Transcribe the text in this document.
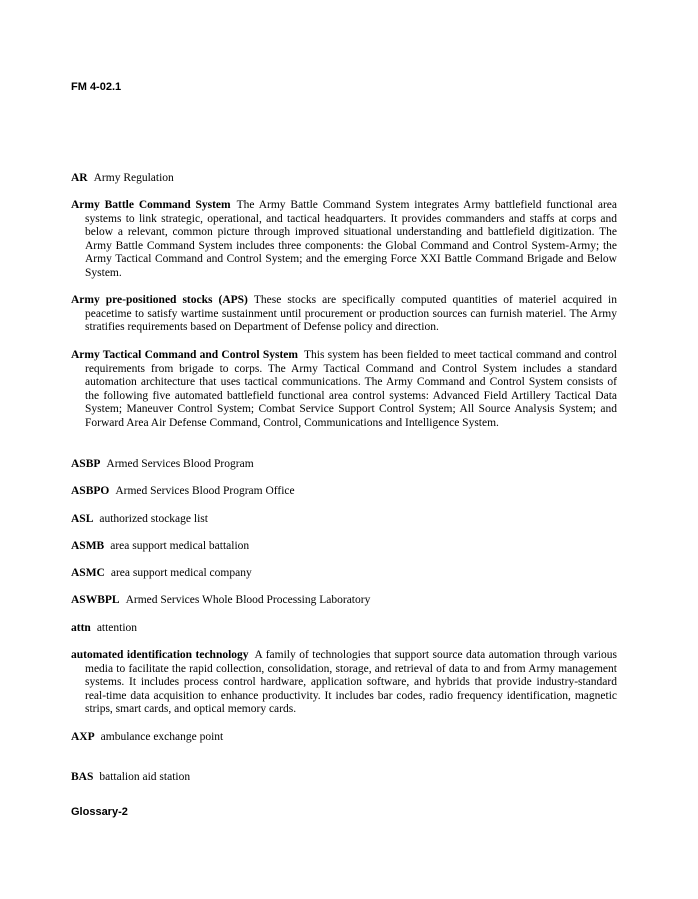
FM 4-02.1
AR Army Regulation
Army Battle Command System The Army Battle Command System integrates Army battlefield functional area systems to link strategic, operational, and tactical headquarters. It provides commanders and staffs at corps and below a relevant, common picture through improved situational understanding and battlefield digitization. The Army Battle Command System includes three components: the Global Command and Control System-Army; the Army Tactical Command and Control System; and the emerging Force XXI Battle Command Brigade and Below System.
Army pre-positioned stocks (APS) These stocks are specifically computed quantities of materiel acquired in peacetime to satisfy wartime sustainment until procurement or production sources can furnish materiel. The Army stratifies requirements based on Department of Defense policy and direction.
Army Tactical Command and Control System This system has been fielded to meet tactical command and control requirements from brigade to corps. The Army Tactical Command and Control System includes a standard automation architecture that uses tactical communications. The Army Command and Control System consists of the following five automated battlefield functional area control systems: Advanced Field Artillery Tactical Data System; Maneuver Control System; Combat Service Support Control System; All Source Analysis System; and Forward Area Air Defense Command, Control, Communications and Intelligence System.
ASBP Armed Services Blood Program
ASBPO Armed Services Blood Program Office
ASL authorized stockage list
ASMB area support medical battalion
ASMC area support medical company
ASWBPL Armed Services Whole Blood Processing Laboratory
attn attention
automated identification technology A family of technologies that support source data automation through various media to facilitate the rapid collection, consolidation, storage, and retrieval of data to and from Army management systems. It includes process control hardware, application software, and hybrids that provide industry-standard real-time data acquisition to enhance productivity. It includes bar codes, radio frequency identification, magnetic strips, smart cards, and optical memory cards.
AXP ambulance exchange point
BAS battalion aid station
Glossary-2
